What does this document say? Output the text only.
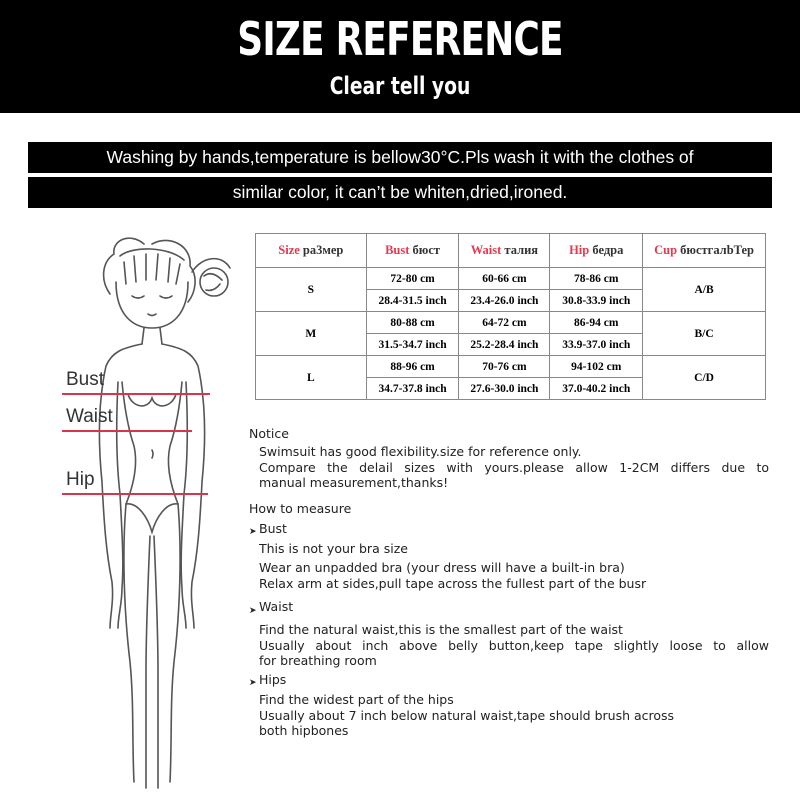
SIZE REFERENCE
Clear tell you
Washing by hands,temperature is bellow30°C.Pls wash it with the clothes of
similar color, it can’t be whiten,dried,ironed.
Bust
Waist
Hip
Size ра3мер	Bust бюст	Waist талия	Hip бедра	Cup бюстгалbТер
S	72-80 cm	60-66 cm	78-86 cm	A/B
	28.4-31.5 inch	23.4-26.0 inch	30.8-33.9 inch	
M	80-88 cm	64-72 cm	86-94 cm	B/C
	31.5-34.7 inch	25.2-28.4 inch	33.9-37.0 inch	
L	88-96 cm	70-76 cm	94-102 cm	C/D
	34.7-37.8 inch	27.6-30.0 inch	37.0-40.2 inch	
Notice
Swimsuit has good flexibility.size for reference only.
Compare the delail sizes with yours.please allow 1-2CM differs due to
manual measurement,thanks!
How to measure
➤ Bust
This is not your bra size
Wear an unpadded bra (your dress will have a built-in bra)
Relax arm at sides,pull tape across the fullest part of the busr
➤ Waist
Find the natural waist,this is the smallest part of the waist
Usually about inch above belly button,keep tape slightly loose to allow
for breathing room
➤ Hips
Find the widest part of the hips
Usually about 7 inch below natural waist,tape should brush across
both hipbones
